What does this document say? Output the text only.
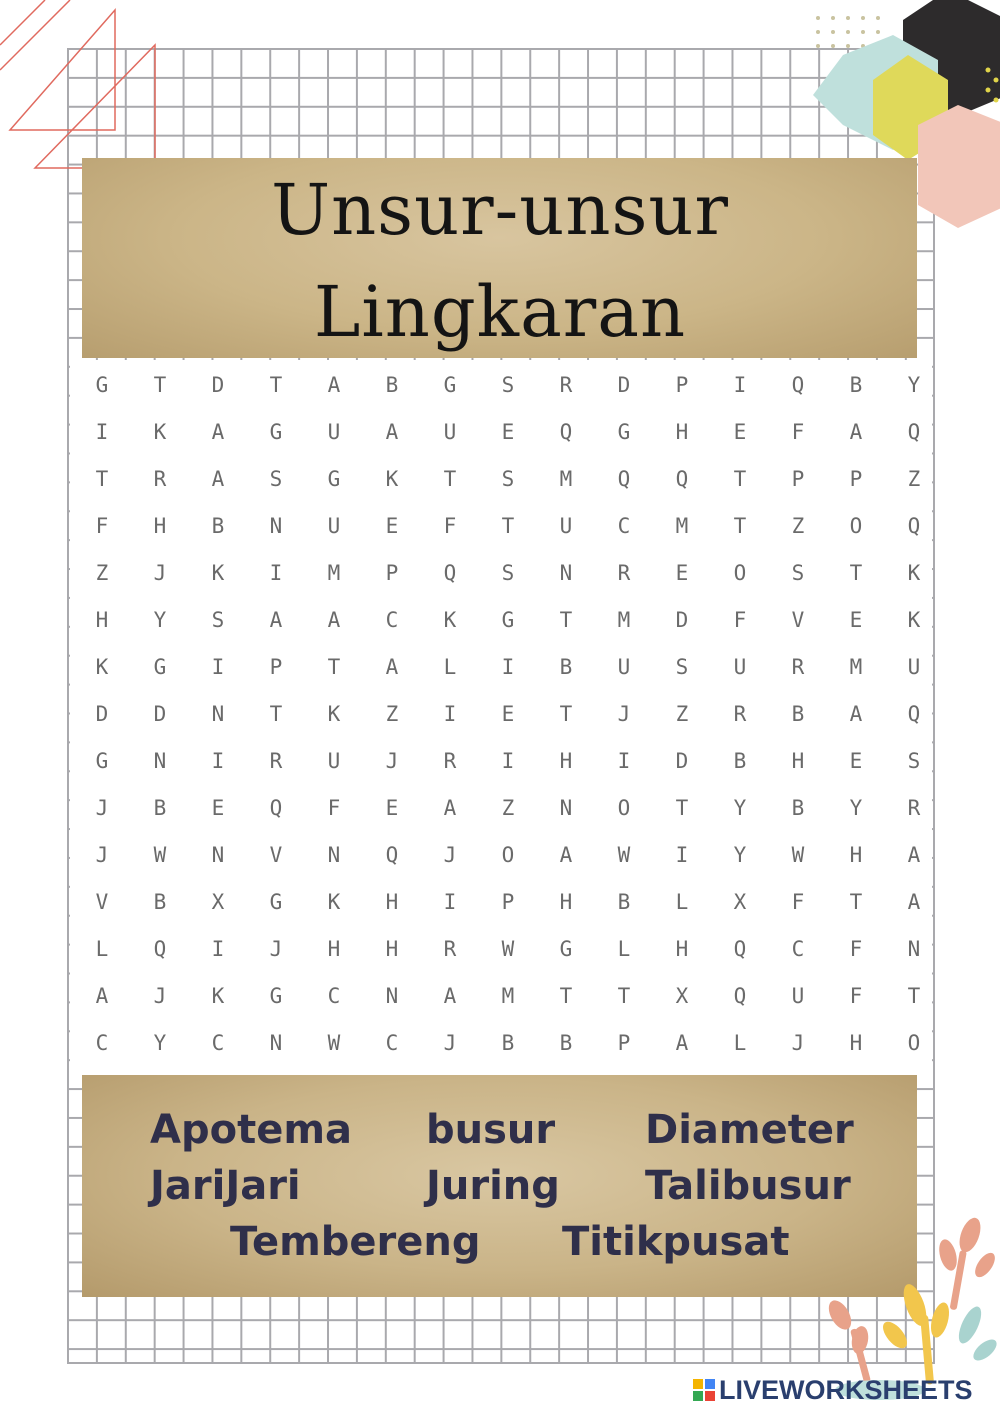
Unsur-unsur
Lingkaran
G	T	D	T	A	B	G	S	R	D	P	I	Q	B	Y
I	K	A	G	U	A	U	E	Q	G	H	E	F	A	Q
T	R	A	S	G	K	T	S	M	Q	Q	T	P	P	Z
F	H	B	N	U	E	F	T	U	C	M	T	Z	O	Q
Z	J	K	I	M	P	Q	S	N	R	E	O	S	T	K
H	Y	S	A	A	C	K	G	T	M	D	F	V	E	K
K	G	I	P	T	A	L	I	B	U	S	U	R	M	U
D	D	N	T	K	Z	I	E	T	J	Z	R	B	A	Q
G	N	I	R	U	J	R	I	H	I	D	B	H	E	S
J	B	E	Q	F	E	A	Z	N	O	T	Y	B	Y	R
J	W	N	V	N	Q	J	O	A	W	I	Y	W	H	A
V	B	X	G	K	H	I	P	H	B	L	X	F	T	A
L	Q	I	J	H	H	R	W	G	L	H	Q	C	F	N
A	J	K	G	C	N	A	M	T	T	X	Q	U	F	T
C	Y	C	N	W	C	J	B	B	P	A	L	J	H	O
Apotema busur Diameter
JariJari	Juring Talibusur
Tembereng Titikpusat
LIVEWORKSHEETS
